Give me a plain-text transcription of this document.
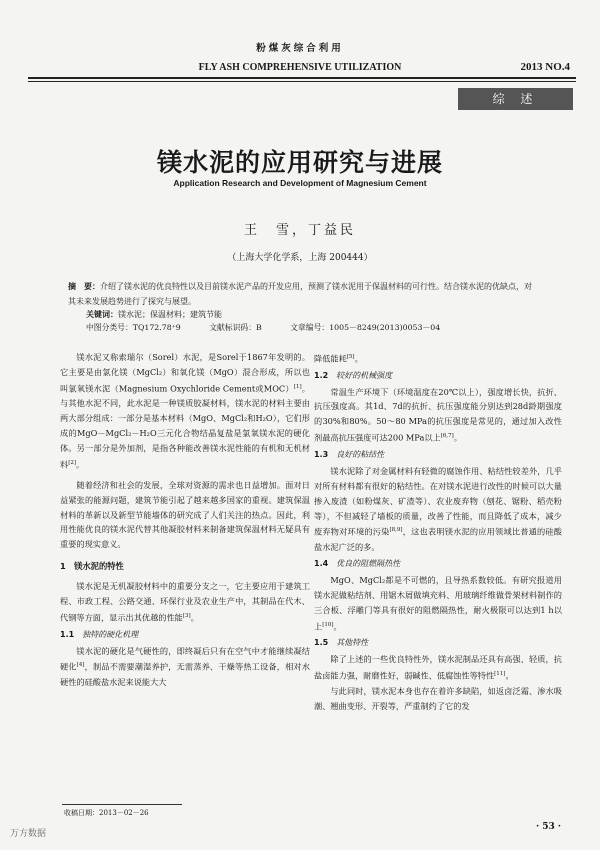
粉煤灰综合利用
FLY ASH COMPREHENSIVE UTILIZATION	2013 NO.4
综 述
镁水泥的应用研究与进展
Application Research and Development of Magnesium Cement
王　雪，丁益民
（上海大学化学系，上海 200444）
摘　要：介绍了镁水泥的优良特性以及目前镁水泥产品的开发应用，预测了镁水泥用于保温材料的可行性。结合镁水泥的优缺点，对其未来发展趋势进行了探究与展望。
关键词：镁水泥；保温材料；建筑节能
中图分类号：TQ172.78⁺9	文献标识码：B	文章编号：1005－8249(2013)0053－04

镁水泥又称索瑞尔（Sorel）水泥，是Sorel于1867年发明的。它主要是由氯化镁（MgCl₂）和氧化镁（MgO）混合形成，所以也叫氯氧镁水泥（Magnesium Oxychloride Cement或MOC）[1]。与其他水泥不同，此水泥是一种镁质胶凝材料，镁水泥的材料主要由两大部分组成：一部分是基本材料（MgO、MgCl₂和H₂O），它们形成的MgO－MgCl₂－H₂O三元化合物结晶复盐是氯氧镁水泥的硬化体。另一部分是外加剂，是指各种能改善镁水泥性能的有机和无机材料[2]。

随着经济和社会的发展，全球对资源的需求也日益增加。面对日益紧张的能源问题，建筑节能引起了越来越多国家的重视。建筑保温材料的革新以及新型节能墙体的研究成了人们关注的热点。因此，利用性能优良的镁水泥代替其他凝胶材料来制备建筑保温材料无疑具有重要的现实意义。

1　镁水泥的特性

镁水泥是无机凝胶材料中的重要分支之一，它主要应用于建筑工程、市政工程、公路交通、环保行业及农业生产中，其制品在代木、代钢等方面，显示出其优越的性能[3]。

1.1 独特的硬化机理

镁水泥的硬化是气硬性的，即终凝后只有在空气中才能继续凝结硬化[4]，制品不需要潮湿养护，无需蒸养、干燥等热工设备，相对水硬性的硅酸盐水泥来说能大大

降低能耗[5]。

1.2 较好的机械强度

常温生产环境下（环境温度在20℃以上），强度增长快，抗折、抗压强度高。其1d、7d的抗折、抗压强度能分别达到28d龄期强度的30%和80%。50～80 MPa的抗压强度是常见的，通过加入改性剂最高抗压强度可达200 MPa以上[6,7]。

1.3 良好的粘结性

镁水泥除了对金属材料有轻微的腐蚀作用、粘结性较差外，几乎对所有材料都有很好的粘结性。在对镁水泥进行改性的时候可以大量掺入废渣（如粉煤灰、矿渣等）、农业废弃物（刨花、锯粉、稻壳粉等），不但减轻了墙板的质量，改善了性能，而且降低了成本，减少废弃物对环境的污染[8,9]，这也表明镁水泥的应用领域比普通的硅酸盐水泥广泛的多。

1.4 优良的阻燃隔热性

MgO、MgCl₂都是不可燃的，且导热系数较低。有研究报道用镁水泥做粘结剂、用锯木屑做填充料、用玻璃纤维做骨架材料制作的三合板、浮雕门等具有很好的阻燃隔热性，耐火极限可以达到1 h以上[10]。

1.5 其他特性

除了上述的一些优良特性外，镁水泥制品还具有高强、轻质，抗盐卤能力强，耐磨性好，弱碱性、低腐蚀性等特性[11]。

与此同时，镁水泥本身也存在着许多缺陷，如返卤泛霜、渗水吸潮、翘曲变形、开裂等，严重制约了它的发

收稿日期：2013－02－26
· 53 ·
万方数据
